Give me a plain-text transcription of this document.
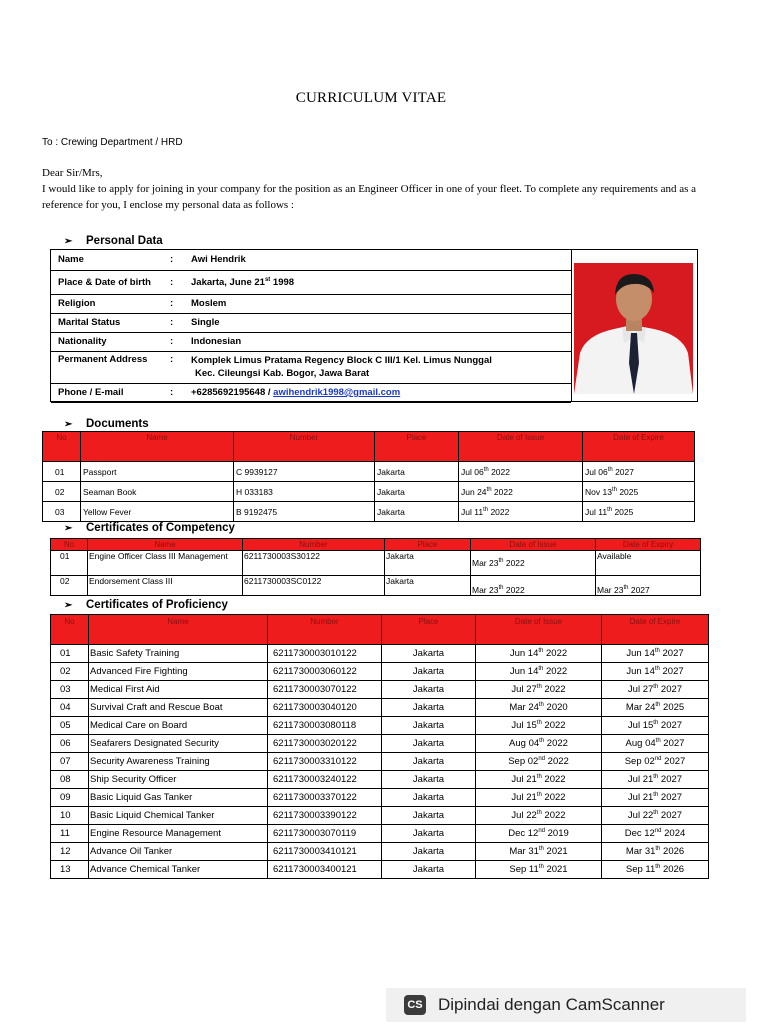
CURRICULUM VITAE
To : Crewing Department / HRD
Dear Sir/Mrs,
I would like to apply for joining in your company for the position as an Engineer Officer in one of your fleet. To complete any requirements and as a reference for you, I enclose my personal data as follows :
➢ Personal Data
Name	:	Awi Hendrik
Place & Date of birth	:	Jakarta, June 21st 1998
Religion	:	Moslem
Marital Status	:	Single
Nationality	:	Indonesian
Permanent Address	:	Komplek Limus Pratama Regency Block C III/1 Kel. Limus Nunggal
Kec. Cileungsi Kab. Bogor, Jawa Barat

Phone / E-mail	:	+6285692195648 / awihendrik1998@gmail.com
➢ Documents
No	Name	Number	Place	Date of Issue	Date of Expire
01	Passport	C 9939127	Jakarta	Jul 06th 2022	Jul 06th 2027
02	Seaman Book	H 033183	Jakarta	Jun 24th 2022	Nov 13th 2025
03	Yellow Fever	B 9192475	Jakarta	Jul 11th 2022	Jul 11th 2025
➢ Certificates of Competency
No	Name	Number	Place	Date of Issue	Date of Expiry
01	Engine Officer Class III Management	6211730003S30122	Jakarta	Mar 23th 2022	Available
02	Endorsement Class III	6211730003SC0122	Jakarta	Mar 23th 2022	Mar 23th 2027
➢ Certificates of Proficiency
No	Name	Number	Place	Date of Issue	Date of Expire
01	Basic Safety Training	6211730003010122	Jakarta	Jun 14th 2022	Jun 14th 2027
02	Advanced Fire Fighting	6211730003060122	Jakarta	Jun 14th 2022	Jun 14th 2027
03	Medical First Aid	6211730003070122	Jakarta	Jul 27th 2022	Jul 27th 2027
04	Survival Craft and Rescue Boat	6211730003040120	Jakarta	Mar 24th 2020	Mar 24th 2025
05	Medical Care on Board	6211730003080118	Jakarta	Jul 15th 2022	Jul 15th 2027
06	Seafarers Designated Security	6211730003020122	Jakarta	Aug 04th 2022	Aug 04th 2027
07	Security Awareness Training	6211730003310122	Jakarta	Sep 02nd 2022	Sep 02nd 2027
08	Ship Security Officer	6211730003240122	Jakarta	Jul 21th 2022	Jul 21th 2027
09	Basic Liquid Gas Tanker	6211730003370122	Jakarta	Jul 21th 2022	Jul 21th 2027
10	Basic Liquid Chemical Tanker	6211730003390122	Jakarta	Jul 22th 2022	Jul 22th 2027
11	Engine Resource Management	6211730003070119	Jakarta	Dec 12nd 2019	Dec 12nd 2024
12	Advance Oil Tanker	6211730003410121	Jakarta	Mar 31th 2021	Mar 31th 2026
13	Advance Chemical Tanker	6211730003400121	Jakarta	Sep 11th 2021	Sep 11th 2026
CS Dipindai dengan CamScanner
